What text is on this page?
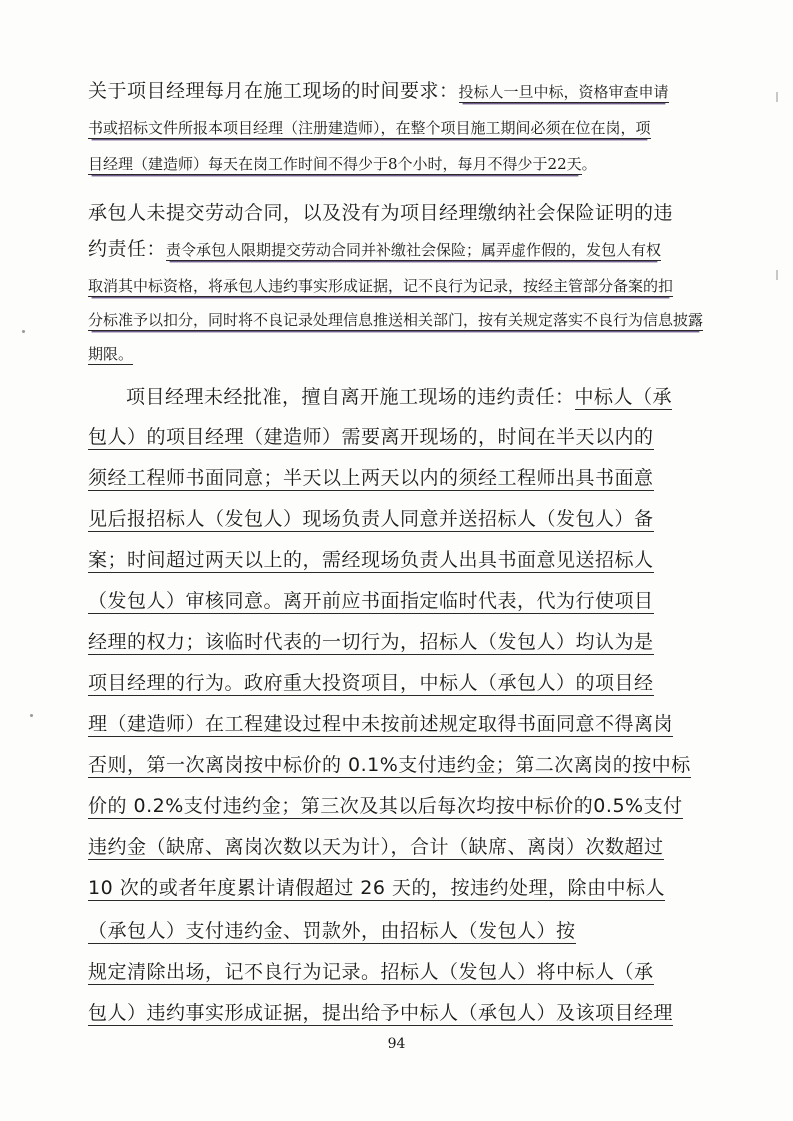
关于项目经理每月在施工现场的时间要求：投标人一旦中标，资格审查申请
书或招标文件所报本项目经理（注册建造师），在整个项目施工期间必须在位在岗，项
目经理（建造师）每天在岗工作时间不得少于8个小时，每月不得少于22天。
承包人未提交劳动合同，以及没有为项目经理缴纳社会保险证明的违
约责任：责令承包人限期提交劳动合同并补缴社会保险；属弄虚作假的，发包人有权
取消其中标资格，将承包人违约事实形成证据，记不良行为记录，按经主管部分备案的扣
分标准予以扣分，同时将不良记录处理信息推送相关部门，按有关规定落实不良行为信息披露
期限。
项目经理未经批准，擅自离开施工现场的违约责任：中标人（承
包人）的项目经理（建造师）需要离开现场的，时间在半天以内的
须经工程师书面同意；半天以上两天以内的须经工程师出具书面意
见后报招标人（发包人）现场负责人同意并送招标人（发包人）备
案；时间超过两天以上的，需经现场负责人出具书面意见送招标人
（发包人）审核同意。离开前应书面指定临时代表，代为行使项目
经理的权力；该临时代表的一切行为，招标人（发包人）均认为是
项目经理的行为。政府重大投资项目，中标人（承包人）的项目经
理（建造师）在工程建设过程中未按前述规定取得书面同意不得离岗
否则，第一次离岗按中标价的 0.1%支付违约金；第二次离岗的按中标
价的 0.2%支付违约金；第三次及其以后每次均按中标价的0.5%支付
违约金（缺席、离岗次数以天为计），合计（缺席、离岗）次数超过
10 次的或者年度累计请假超过 26 天的，按违约处理，除由中标人
（承包人）支付违约金、罚款外，由招标人（发包人）按
规定清除出场，记不良行为记录。招标人（发包人）将中标人（承
包人）违约事实形成证据，提出给予中标人（承包人）及该项目经理
94
